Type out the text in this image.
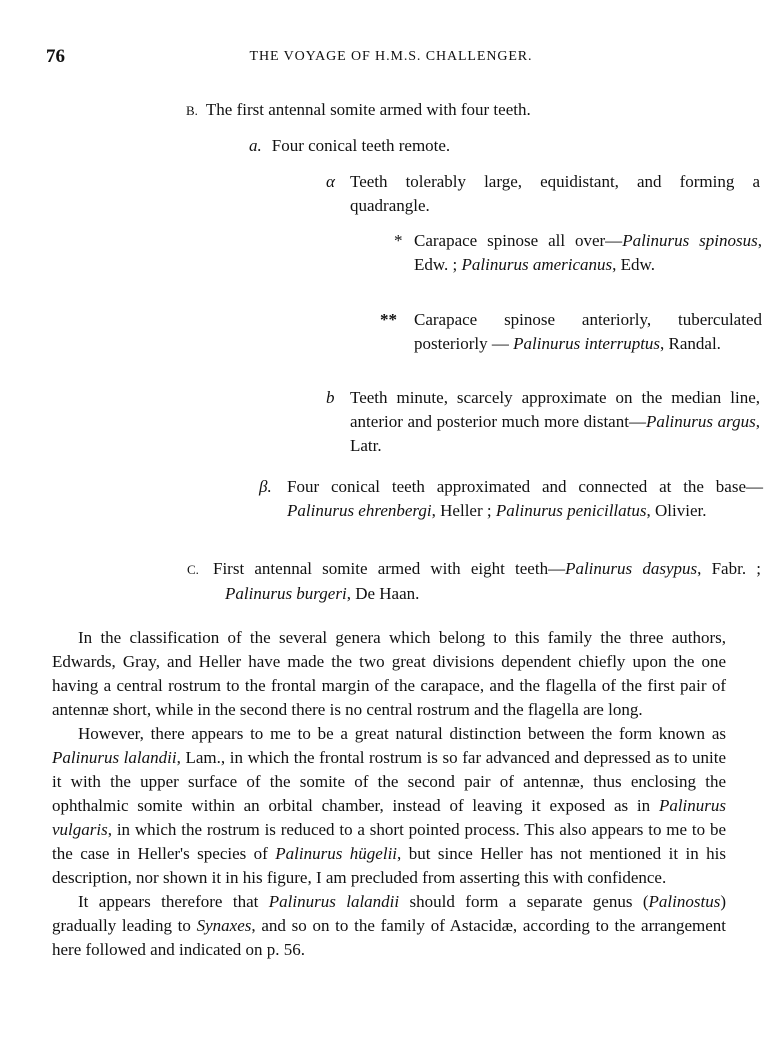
76	THE VOYAGE OF H.M.S. CHALLENGER.
B. The first antennal somite armed with four teeth.
a. Four conical teeth remote.
α Teeth tolerably large, equidistant, and forming a quadrangle.
* Carapace spinose all over—Palinurus spinosus, Edw. ; Palinurus americanus, Edw.
** Carapace spinose anteriorly, tuberculated posteriorly — Palinurus interruptus, Randal.
b Teeth minute, scarcely approximate on the median line, anterior and posterior much more distant—Palinurus argus, Latr.
β. Four conical teeth approximated and connected at the base—Palinurus ehrenbergi, Heller ; Palinurus penicillatus, Olivier.
C. First antennal somite armed with eight teeth—Palinurus dasypus, Fabr. ; Palinurus burgeri, De Haan.

In the classification of the several genera which belong to this family the three authors, Edwards, Gray, and Heller have made the two great divisions dependent chiefly upon the one having a central rostrum to the frontal margin of the carapace, and the flagella of the first pair of antennæ short, while in the second there is no central rostrum and the flagella are long.

However, there appears to me to be a great natural distinction between the form known as Palinurus lalandii, Lam., in which the frontal rostrum is so far advanced and depressed as to unite it with the upper surface of the somite of the second pair of antennæ, thus enclosing the ophthalmic somite within an orbital chamber, instead of leaving it exposed as in Palinurus vulgaris, in which the rostrum is reduced to a short pointed process. This also appears to me to be the case in Heller's species of Palinurus hügelii, but since Heller has not mentioned it in his description, nor shown it in his figure, I am precluded from asserting this with confidence.

It appears therefore that Palinurus lalandii should form a separate genus (Palinostus) gradually leading to Synaxes, and so on to the family of Astacidæ, according to the arrangement here followed and indicated on p. 56.
